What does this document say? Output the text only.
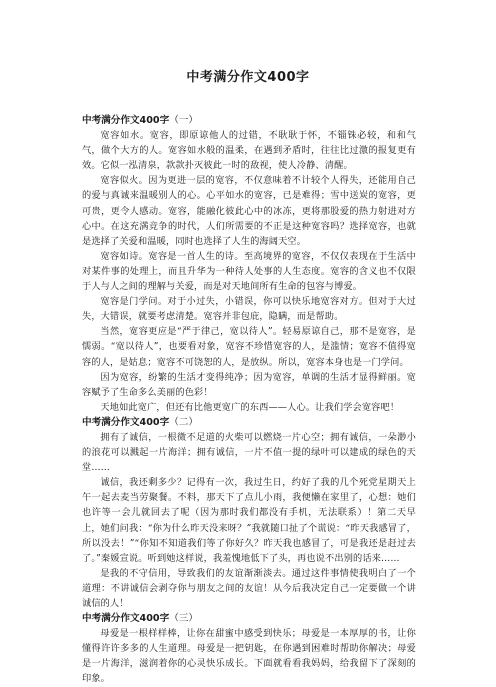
中考满分作文400字

中考满分作文400字（一）

宽容如水。宽容，即原谅他人的过错，不耿耿于怀，不锱铢必较，和和气气，做个大方的人。宽容如水般的温柔，在遇到矛盾时，往往比过激的报复更有效。它似一泓清泉，款款扑灭彼此一时的敌视，使人冷静、清醒。

宽容似火。因为更进一层的宽容，不仅意味着不计较个人得失，还能用自己的爱与真诚来温暖别人的心。心平如水的宽容，已是难得；雪中送炭的宽容，更可贵，更令人感动。宽容，能融化彼此心中的冰冻，更将那股爱的热力射进对方心中。在这充满竞争的时代，人们所需要的不正是这种宽容吗？选择宽容，也就是选择了关爱和温暖，同时也选择了人生的海阔天空。

宽容如诗。宽容是一首人生的诗。至高境界的宽容，不仅仅表现在于生活中对某件事的处理上，而且升华为一种待人处事的人生态度。宽容的含义也不仅限于人与人之间的理解与关爱，而是对天地间所有生命的包容与博爱。

宽容是门学问。对于小过失，小错误，你可以快乐地宽容对方。但对于大过失，大错误，就要考虑清楚。宽容并非包庇，隐瞒，而是帮助。

当然，宽容更应是“严于律己，宽以待人”。轻易原谅自己，那不是宽容，是懦弱。“宽以待人”，也要看对象，宽容不珍惜宽容的人，是滥情；宽容不值得宽容的人，是姑息；宽容不可饶恕的人，是放纵。所以，宽容本身也是一门学问。

因为宽容，纷繁的生活才变得纯净；因为宽容，单调的生活才显得鲜丽。宽容赋予了生命多么美丽的色彩！

天地如此宽广，但还有比他更宽广的东西——人心。让我们学会宽容吧！

中考满分作文400字（二）

拥有了诚信，一根微不足道的火柴可以燃烧一片心空；拥有诚信，一朵渺小的浪花可以溅起一片海洋；拥有诚信，一片不值一提的绿叶可以建成的绿色的天堂……

诚信，我还剩多少？记得有一次，我过生日，约好了我的几个死党星期天上午一起去麦当劳聚餐。不料，那天下了点儿小雨，我便懒在家里了，心想：她们也许等一会儿就回去了呢（因为那时我们都没有手机，无法联系）！第二天早上，她们问我：“你为什么昨天没来呀？”我就随口扯了个谎说：“昨天我感冒了，所以没去！”“你知不知道我们等了你好久？昨天我也感冒了，可是我还是赶过去了。”秦媛宣说。听到她这样说，我羞愧地低下了头，再也说不出别的话来……

是我的不守信用，导致我们的友谊渐渐淡去。通过这件事情使我明白了一个道理：不讲诚信会剥夺你与朋友之间的友谊！从今后我决定自己一定要做一个讲诚信的人！

中考满分作文400字（三）

母爱是一根样样棒，让你在甜蜜中感受到快乐；母爱是一本厚厚的书，让你懂得许许多多的人生道理。母爱是一把钥匙，在你遇到困难时帮助你解决；母爱是一片海洋，滋润着你的心灵快乐成长。下面就看看我妈妈，给我留下了深刻的印象。
